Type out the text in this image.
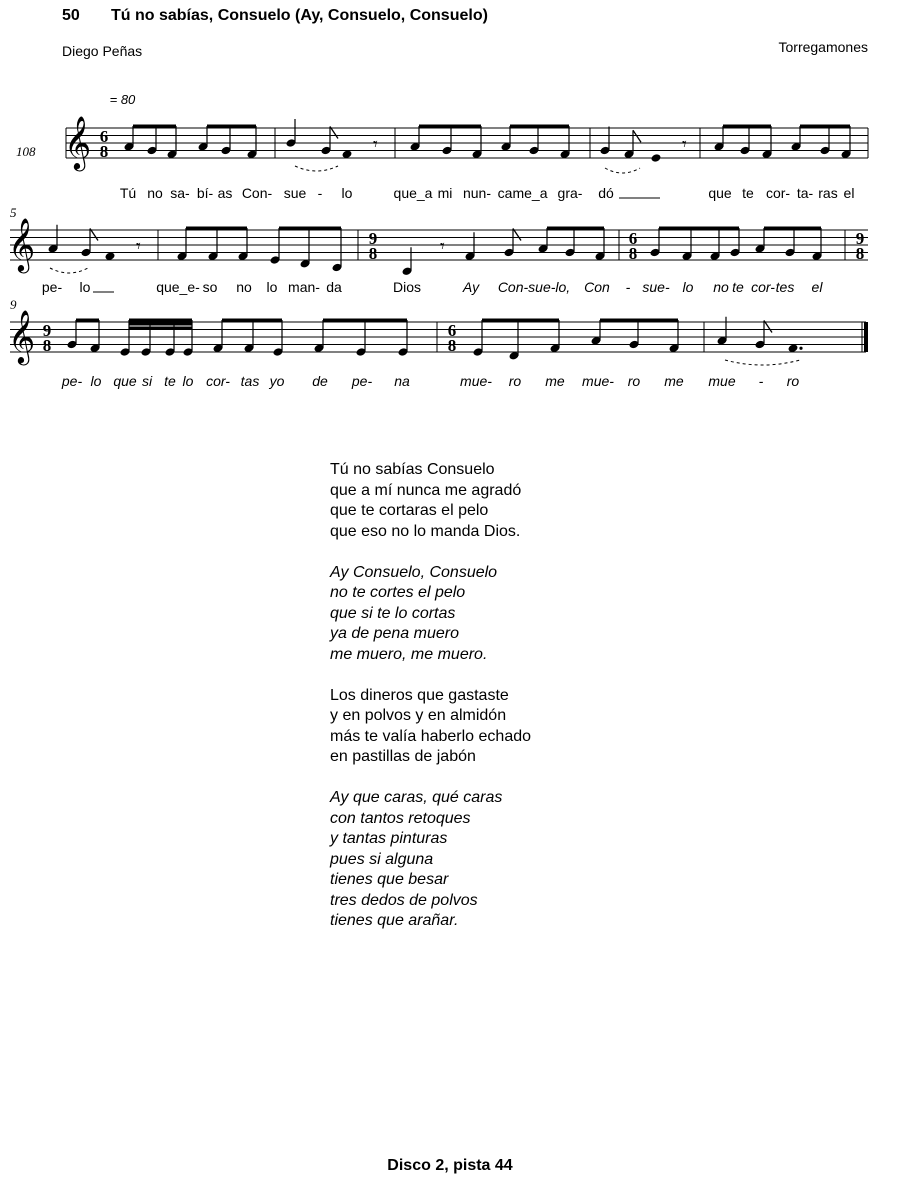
50 Tú no sabías, Consuelo (Ay, Consuelo, Consuelo)
Diego Peñas	Torregamones
𝄞 6
8
108	𝄾	𝄾
𝄞
5
𝄾	9
8	𝄾	6
8
9
8
𝄞
9
9
8
6
8
Tú no sa- bí- as Con- sue - lo	que_a mi nun- ca me_a gra- dó	que te cor- ta- ras el
pe- lo	que_e- so no lo man- da	Dios	Ay Con-sue-lo, Con - sue- lo no te cor- tes el
pe- lo que si te lo cor- tas yo de pe- na	mue- ro me mue- ro me mue - ro
= 80
Tú no sabías Consuelo
que a mí nunca me agradó
que te cortaras el pelo
que eso no lo manda Dios.
Ay Consuelo, Consuelo
no te cortes el pelo
que si te lo cortas
ya de pena muero
me muero, me muero.
Los dineros que gastaste
y en polvos y en almidón
más te valía haberlo echado
en pastillas de jabón
Ay que caras, qué caras
con tantos retoques
y tantas pinturas
pues si alguna
tienes que besar
tres dedos de polvos
tienes que arañar.
Disco 2, pista 44
